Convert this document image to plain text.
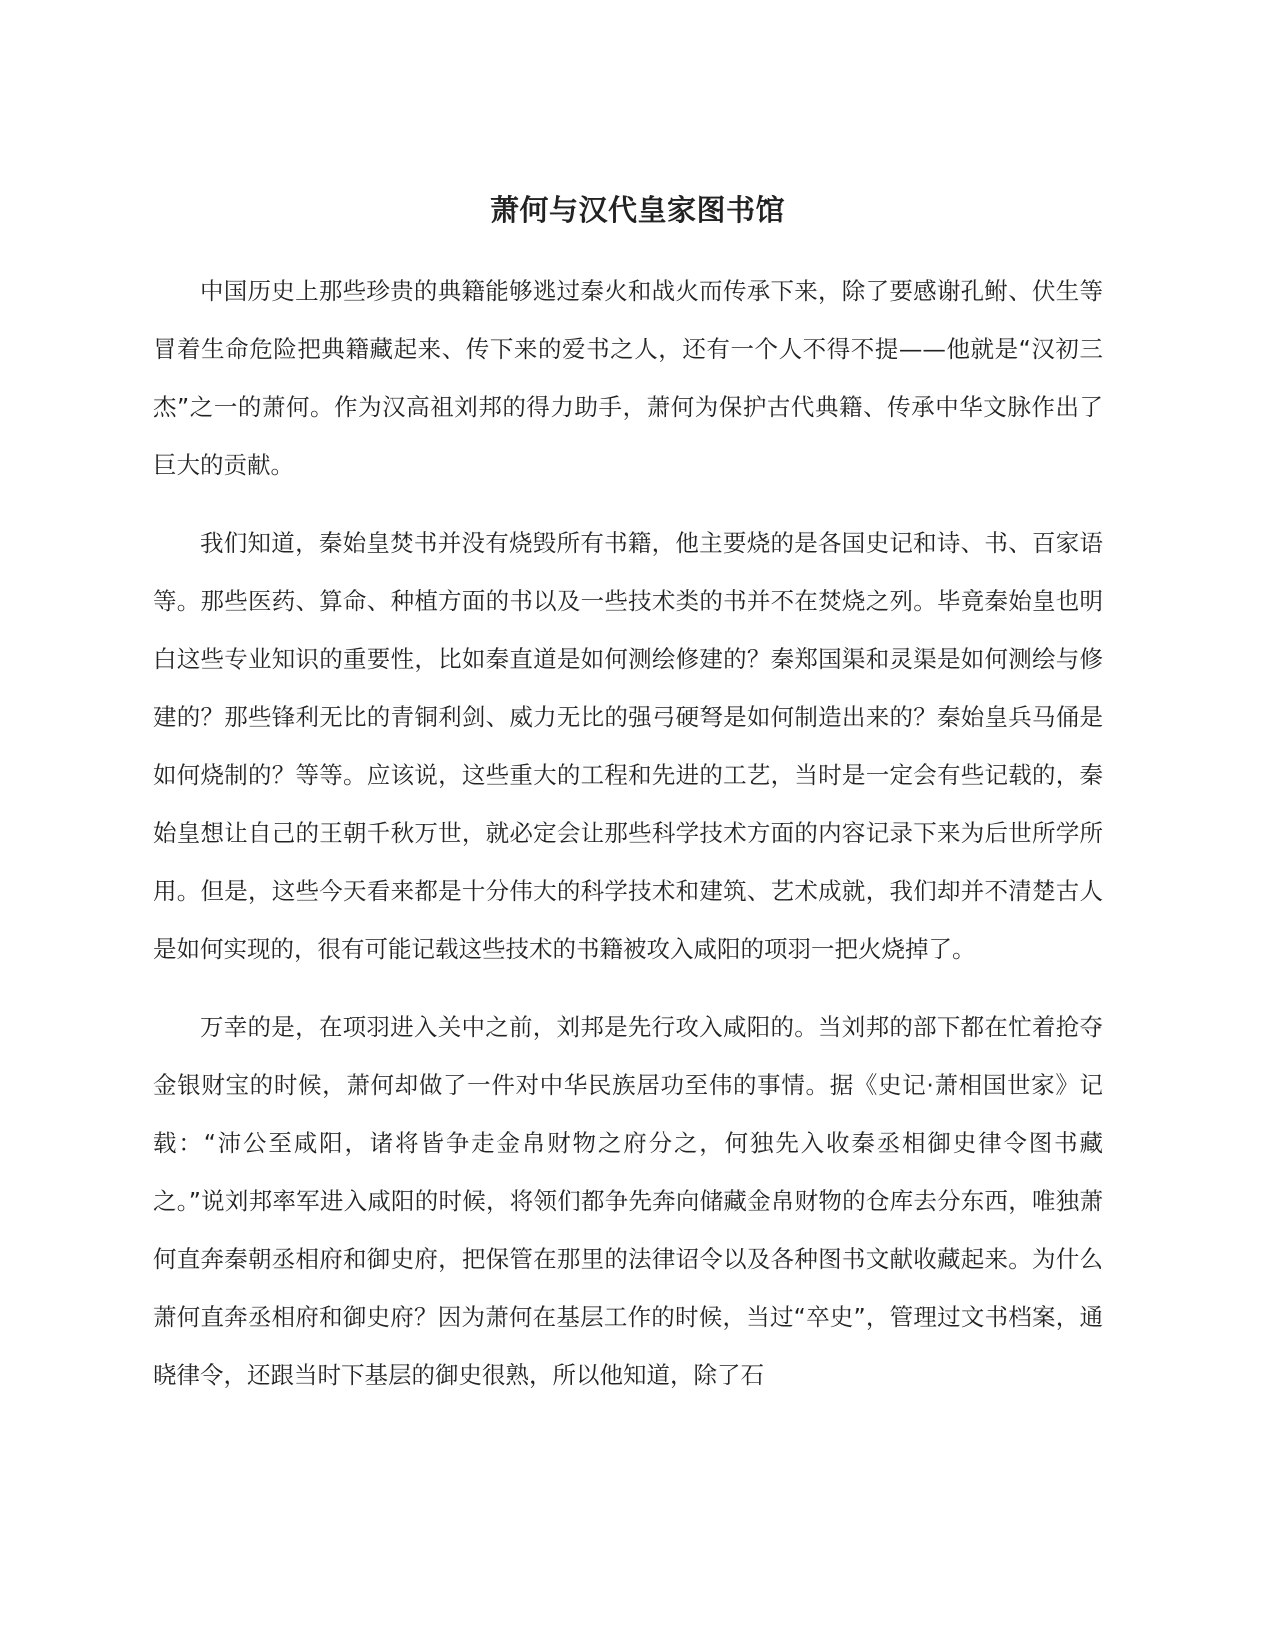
萧何与汉代皇家图书馆

中国历史上那些珍贵的典籍能够逃过秦火和战火而传承下来，除了要感谢孔鲋、伏生等冒着生命危险把典籍藏起来、传下来的爱书之人，还有一个人不得不提——他就是“汉初三杰”之一的萧何。作为汉高祖刘邦的得力助手，萧何为保护古代典籍、传承中华文脉作出了巨大的贡献。

我们知道，秦始皇焚书并没有烧毁所有书籍，他主要烧的是各国史记和诗、书、百家语等。那些医药、算命、种植方面的书以及一些技术类的书并不在焚烧之列。毕竟秦始皇也明白这些专业知识的重要性，比如秦直道是如何测绘修建的？秦郑国渠和灵渠是如何测绘与修建的？那些锋利无比的青铜利剑、威力无比的强弓硬弩是如何制造出来的？秦始皇兵马俑是如何烧制的？等等。应该说，这些重大的工程和先进的工艺，当时是一定会有些记载的，秦始皇想让自己的王朝千秋万世，就必定会让那些科学技术方面的内容记录下来为后世所学所用。但是，这些今天看来都是十分伟大的科学技术和建筑、艺术成就，我们却并不清楚古人是如何实现的，很有可能记载这些技术的书籍被攻入咸阳的项羽一把火烧掉了。

万幸的是，在项羽进入关中之前，刘邦是先行攻入咸阳的。当刘邦的部下都在忙着抢夺金银财宝的时候，萧何却做了一件对中华民族居功至伟的事情。据《史记·萧相国世家》记载：“沛公至咸阳，诸将皆争走金帛财物之府分之，何独先入收秦丞相御史律令图书藏之。”说刘邦率军进入咸阳的时候，将领们都争先奔向储藏金帛财物的仓库去分东西，唯独萧何直奔秦朝丞相府和御史府，把保管在那里的法律诏令以及各种图书文献收藏起来。为什么萧何直奔丞相府和御史府？因为萧何在基层工作的时候，当过“卒史”，管理过文书档案，通晓律令，还跟当时下基层的御史很熟，所以他知道，除了石
